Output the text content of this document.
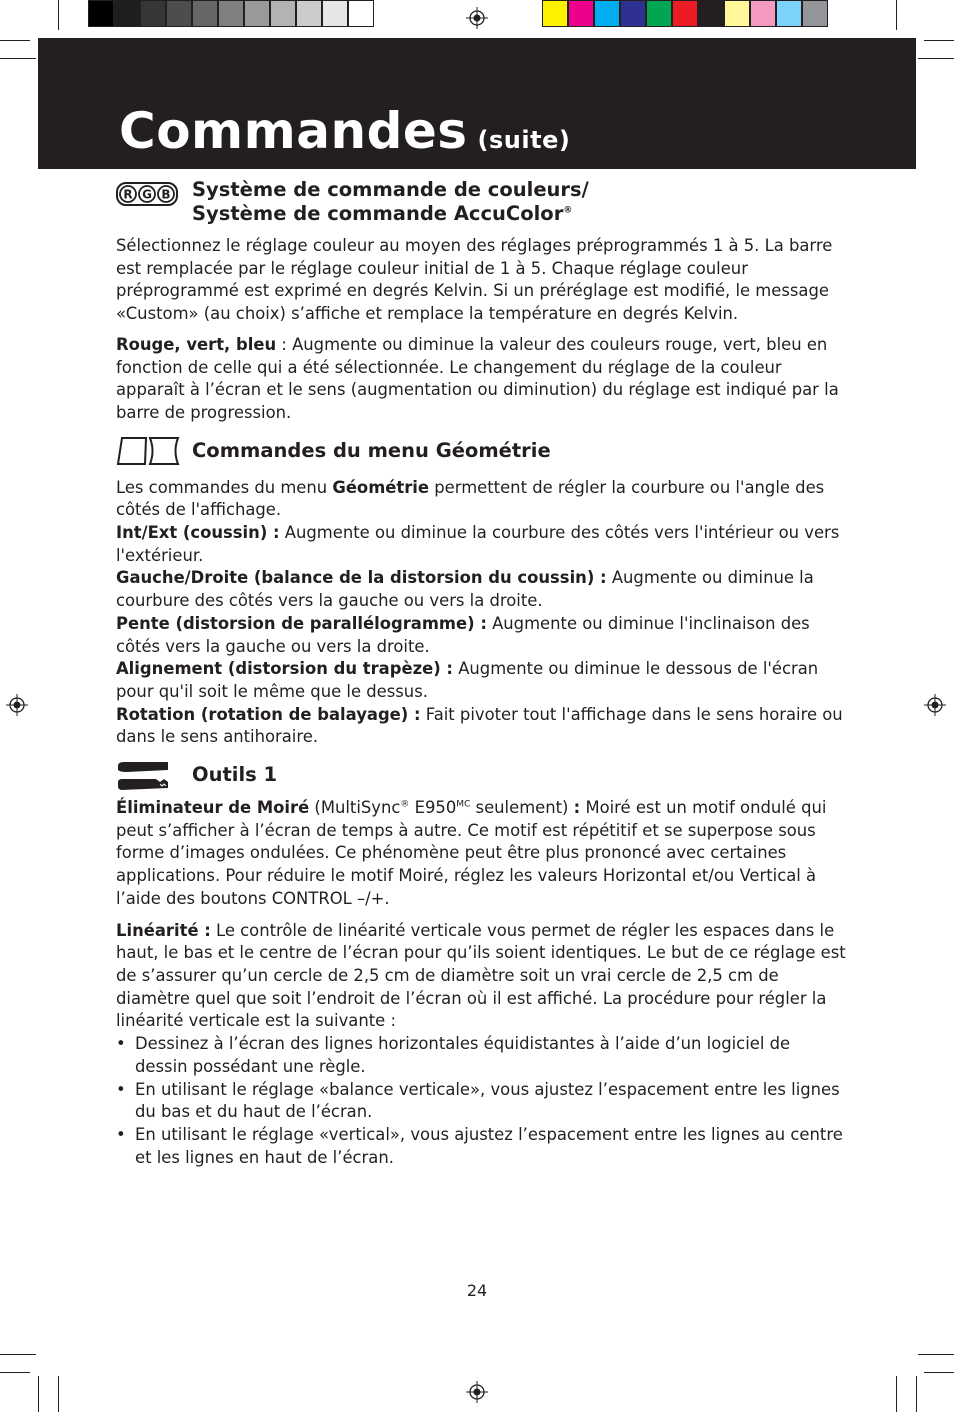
Commandes (suite)
R G B Système de commande de couleurs/
Système de commande AccuColor®

Sélectionnez le réglage couleur au moyen des réglages préprogrammés 1 à 5. La barre est remplacée par le réglage couleur initial de 1 à 5. Chaque réglage couleur préprogrammé est exprimé en degrés Kelvin. Si un préréglage est modifié, le message «Custom» (au choix) s’affiche et remplace la température en degrés Kelvin.

Rouge, vert, bleu : Augmente ou diminue la valeur des couleurs rouge, vert, bleu en fonction de celle qui a été sélectionnée. Le changement du réglage de la couleur apparaît à l’écran et le sens (augmentation ou diminution) du réglage est indiqué par la barre de progression.

Commandes du menu Géométrie

Les commandes du menu Géométrie permettent de régler la courbure ou l'angle des côtés de l'affichage.

Int/Ext (coussin) : Augmente ou diminue la courbure des côtés vers l'intérieur ou vers l'extérieur.

Gauche/Droite (balance de la distorsion du coussin) : Augmente ou diminue la courbure des côtés vers la gauche ou vers la droite.

Pente (distorsion de parallélogramme) : Augmente ou diminue l'inclinaison des côtés vers la gauche ou vers la droite.

Alignement (distorsion du trapèze) : Augmente ou diminue le dessous de l'écran pour qu'il soit le même que le dessus.

Rotation (rotation de balayage) : Fait pivoter tout l'affichage dans le sens horaire ou dans le sens antihoraire.

Outils 1

Éliminateur de Moiré (MultiSync® $E950^{MC}$ seulement) : Moiré est un motif ondulé qui peut s’afficher à l’écran de temps à autre. Ce motif est répétitif et se superpose sous forme d’images ondulées. Ce phénomène peut être plus prononcé avec certaines applications. Pour réduire le motif Moiré, réglez les valeurs Horizontal et/ou Vertical à l’aide des boutons CONTROL –/+.

Linéarité : Le contrôle de linéarité verticale vous permet de régler les espaces dans le haut, le bas et le centre de l’écran pour qu’ils soient identiques. Le but de ce réglage est de s’assurer qu’un cercle de 2,5 cm de diamètre soit un vrai cercle de 2,5 cm de diamètre quel que soit l’endroit de l’écran où il est affiché. La procédure pour régler la linéarité verticale est la suivante :

• Dessinez à l’écran des lignes horizontales équidistantes à l’aide d’un logiciel de dessin possédant une règle.

• En utilisant le réglage «balance verticale», vous ajustez l’espacement entre les lignes du bas et du haut de l’écran.

• En utilisant le réglage «vertical», vous ajustez l’espacement entre les lignes au centre et les lignes en haut de l’écran.

24
